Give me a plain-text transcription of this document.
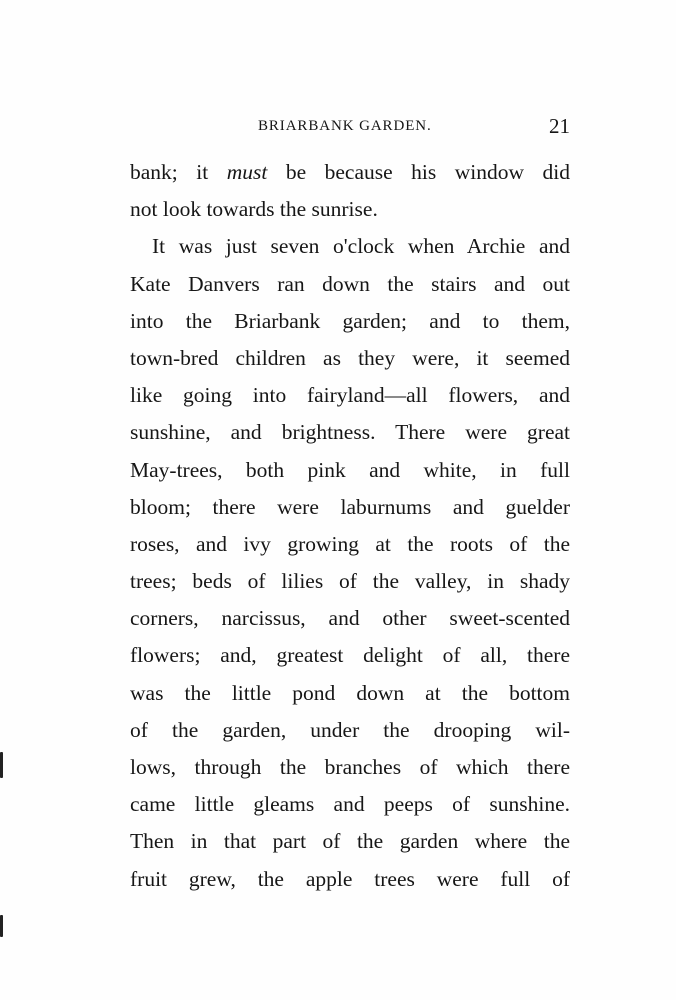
BRIARBANK GARDEN.	21
bank; it must be because his window did
not look towards the sunrise.
It was just seven o'clock when Archie and
Kate Danvers ran down the stairs and out
into the Briarbank garden; and to them,
town-bred children as they were, it seemed
like going into fairyland—all flowers, and
sunshine, and brightness. There were great
May-trees, both pink and white, in full
bloom; there were laburnums and guelder
roses, and ivy growing at the roots of the
trees; beds of lilies of the valley, in shady
corners, narcissus, and other sweet-scented
flowers; and, greatest delight of all, there
was the little pond down at the bottom
of the garden, under the drooping wil-
lows, through the branches of which there
came little gleams and peeps of sunshine.
Then in that part of the garden where the
fruit grew, the apple trees were full of
